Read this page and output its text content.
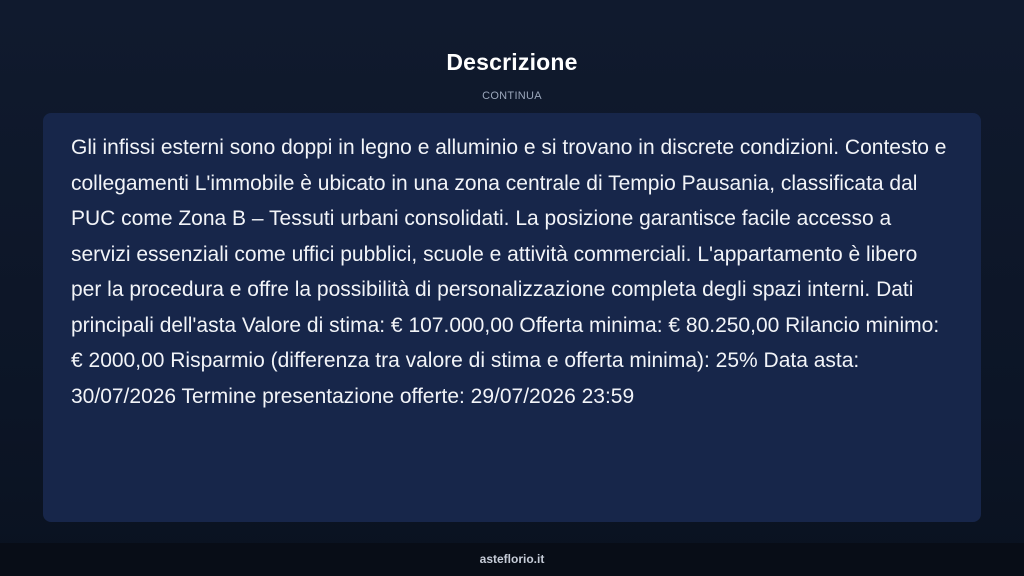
Descrizione
CONTINUA

Gli infissi esterni sono doppi in legno e alluminio e si trovano in discrete condizioni. Contesto e collegamenti L'immobile è ubicato in una zona centrale di Tempio Pausania, classificata dal PUC come Zona B – Tessuti urbani consolidati. La posizione garantisce facile accesso a servizi essenziali come uffici pubblici, scuole e attività commerciali. L'appartamento è libero per la procedura e offre la possibilità di personalizzazione completa degli spazi interni. Dati principali dell'asta Valore di stima: € 107.000,00 Offerta minima: € 80.250,00 Rilancio minimo: € 2000,00 Risparmio (differenza tra valore di stima e offerta minima): 25% Data asta: 30/07/2026 Termine presentazione offerte: 29/07/2026 23:59

asteflorio.it
